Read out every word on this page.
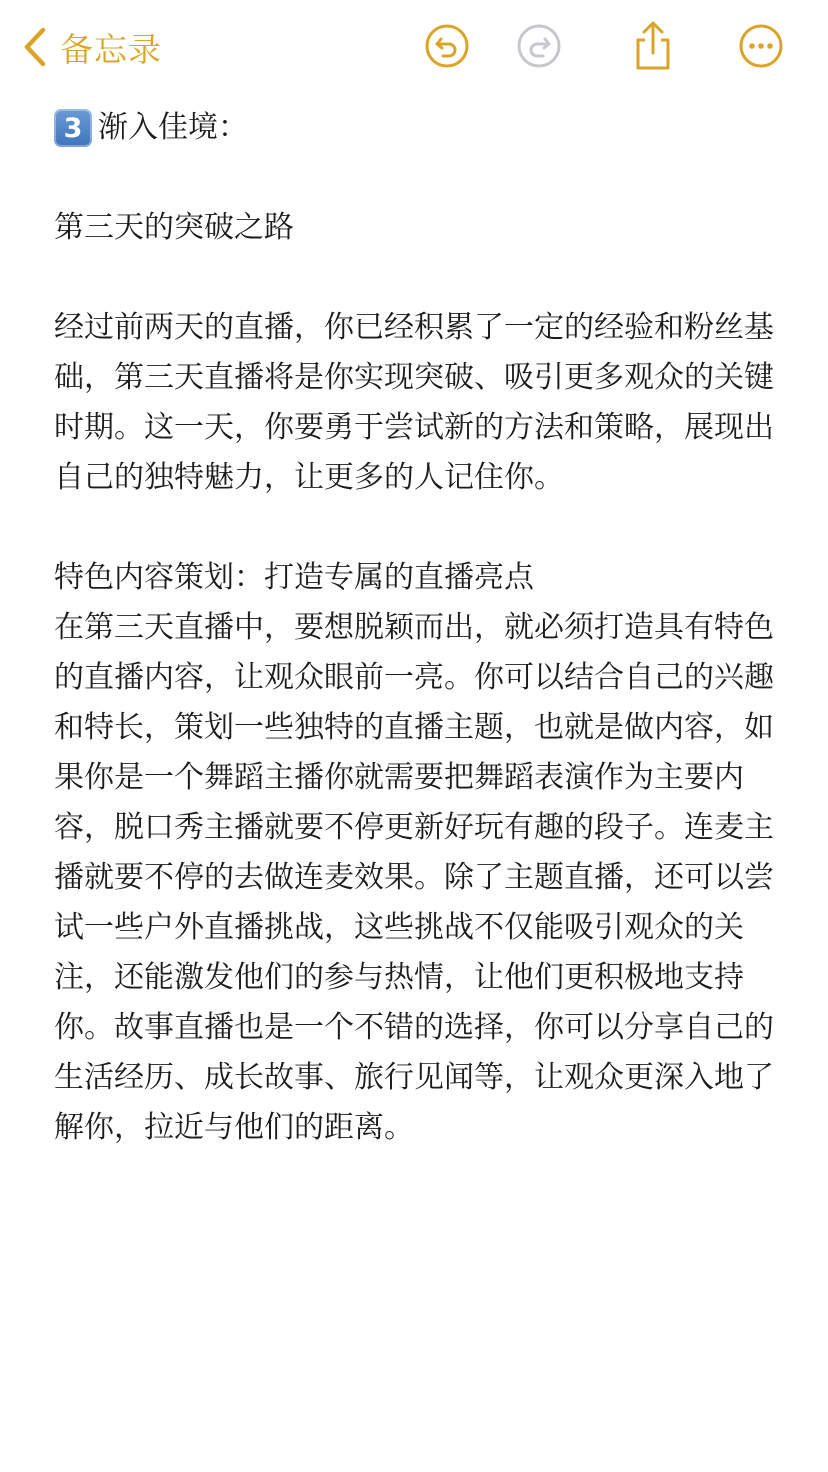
备忘录
3 渐入佳境：

第三天的突破之路

经过前两天的直播，你已经积累了一定的经验和粉丝基础，第三天直播将是你实现突破、吸引更多观众的关键时期。这一天，你要勇于尝试新的方法和策略，展现出自己的独特魅力，让更多的人记住你。

特色内容策划：打造专属的直播亮点

在第三天直播中，要想脱颖而出，就必须打造具有特色的直播内容，让观众眼前一亮。你可以结合自己的兴趣和特长，策划一些独特的直播主题，也就是做内容，如果你是一个舞蹈主播你就需要把舞蹈表演作为主要内容，脱口秀主播就要不停更新好玩有趣的段子。连麦主播就要不停的去做连麦效果。除了主题直播，还可以尝试一些户外直播挑战，这些挑战不仅能吸引观众的关注，还能激发他们的参与热情，让他们更积极地支持你。故事直播也是一个不错的选择，你可以分享自己的生活经历、成长故事、旅行见闻等，让观众更深入地了解你，拉近与他们的距离。
